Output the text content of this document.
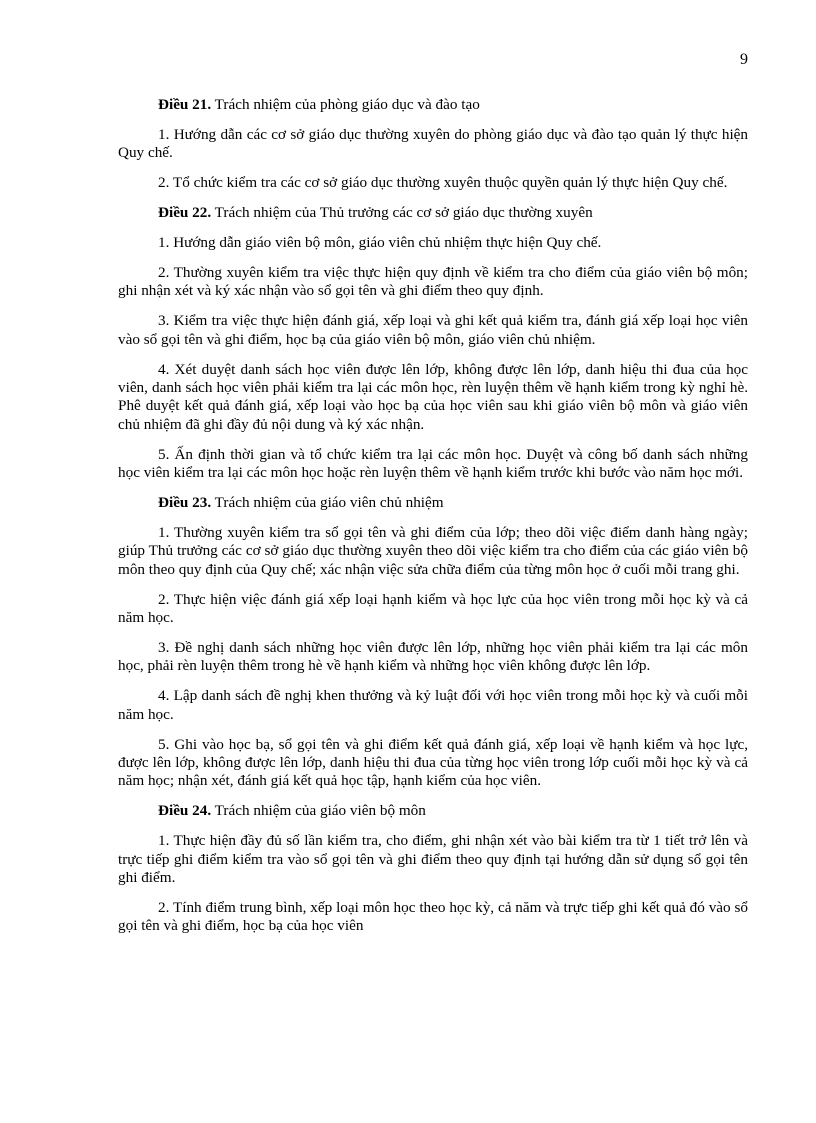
9

Điều 21. Trách nhiệm của phòng giáo dục và đào tạo

1. Hướng dẫn các cơ sở giáo dục thường xuyên do phòng giáo dục và đào tạo quản lý thực hiện Quy chế.

2. Tổ chức kiểm tra các cơ sở giáo dục thường xuyên thuộc quyền quản lý thực hiện Quy chế.

Điều 22. Trách nhiệm của Thủ trưởng các cơ sở giáo dục thường xuyên

1. Hướng dẫn giáo viên bộ môn, giáo viên chủ nhiệm thực hiện Quy chế.

2. Thường xuyên kiểm tra việc thực hiện quy định về kiểm tra cho điểm của giáo viên bộ môn; ghi nhận xét và ký xác nhận vào sổ gọi tên và ghi điểm theo quy định.

3. Kiểm tra việc thực hiện đánh giá, xếp loại và ghi kết quả kiểm tra, đánh giá xếp loại học viên vào sổ gọi tên và ghi điểm, học bạ của giáo viên bộ môn, giáo viên chủ nhiệm.

4. Xét duyệt danh sách học viên được lên lớp, không được lên lớp, danh hiệu thi đua của học viên, danh sách học viên phải kiểm tra lại các môn học, rèn luyện thêm về hạnh kiểm trong kỳ nghỉ hè. Phê duyệt kết quả đánh giá, xếp loại vào học bạ của học viên sau khi giáo viên bộ môn và giáo viên chủ nhiệm đã ghi đầy đủ nội dung và ký xác nhận.

5. Ấn định thời gian và tổ chức kiểm tra lại các môn học. Duyệt và công bố danh sách những học viên kiểm tra lại các môn học hoặc rèn luyện thêm về hạnh kiểm trước khi bước vào năm học mới.

Điều 23. Trách nhiệm của giáo viên chủ nhiệm

1. Thường xuyên kiểm tra sổ gọi tên và ghi điểm của lớp; theo dõi việc điểm danh hàng ngày; giúp Thủ trưởng các cơ sở giáo dục thường xuyên theo dõi việc kiểm tra cho điểm của các giáo viên bộ môn theo quy định của Quy chế; xác nhận việc sửa chữa điểm của từng môn học ở cuối mỗi trang ghi.

2. Thực hiện việc đánh giá xếp loại hạnh kiểm và học lực của học viên trong mỗi học kỳ và cả năm học.

3. Đề nghị danh sách những học viên được lên lớp, những học viên phải kiểm tra lại các môn học, phải rèn luyện thêm trong hè về hạnh kiểm và những học viên không được lên lớp.

4. Lập danh sách đề nghị khen thưởng và kỷ luật đối với học viên trong mỗi học kỳ và cuối mỗi năm học.

5. Ghi vào học bạ, sổ gọi tên và ghi điểm kết quả đánh giá, xếp loại về hạnh kiểm và học lực, được lên lớp, không được lên lớp, danh hiệu thi đua của từng học viên trong lớp cuối mỗi học kỳ và cả năm học; nhận xét, đánh giá kết quả học tập, hạnh kiểm của học viên.

Điều 24. Trách nhiệm của giáo viên bộ môn

1. Thực hiện đầy đủ số lần kiểm tra, cho điểm, ghi nhận xét vào bài kiểm tra từ 1 tiết trở lên và trực tiếp ghi điểm kiểm tra vào sổ gọi tên và ghi điểm theo quy định tại hướng dẫn sử dụng sổ gọi tên ghi điểm.

2. Tính điểm trung bình, xếp loại môn học theo học kỳ, cả năm và trực tiếp ghi kết quả đó vào sổ gọi tên và ghi điểm, học bạ của học viên
